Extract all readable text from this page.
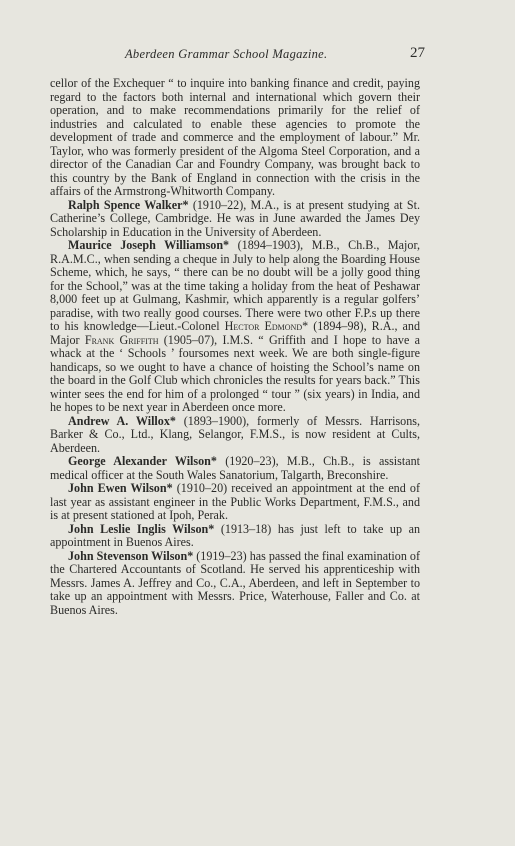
Aberdeen Grammar School Magazine.	27

cellor of the Exchequer “ to inquire into banking finance and credit, paying regard to the factors both internal and international which govern their operation, and to make recommendations primarily for the relief of industries and calculated to enable these agencies to promote the development of trade and commerce and the employment of labour.” Mr. Taylor, who was formerly president of the Algoma Steel Corporation, and a director of the Canadian Car and Foundry Company, was brought back to this country by the Bank of England in connection with the crisis in the affairs of the Armstrong-Whitworth Company.

Ralph Spence Walker* (1910–22), M.A., is at present studying at St. Catherine’s College, Cambridge. He was in June awarded the James Dey Scholarship in Education in the University of Aberdeen.

Maurice Joseph Williamson* (1894–1903), M.B., Ch.B., Major, R.A.M.C., when sending a cheque in July to help along the Boarding House Scheme, which, he says, “ there can be no doubt will be a jolly good thing for the School,” was at the time taking a holiday from the heat of Peshawar 8,000 feet up at Gulmang, Kashmir, which apparently is a regular golfers’ paradise, with two really good courses. There were two other F.P.s up there to his knowledge—Lieut.-Colonel Hector Edmond* (1894–98), R.A., and Major Frank Griffith (1905–07), I.M.S. “ Griffith and I hope to have a whack at the ‘ Schools ’ foursomes next week. We are both single-figure handicaps, so we ought to have a chance of hoisting the School’s name on the board in the Golf Club which chronicles the results for years back.” This winter sees the end for him of a prolonged “ tour ” (six years) in India, and he hopes to be next year in Aberdeen once more.

Andrew A. Willox* (1893–1900), formerly of Messrs. Harrisons, Barker & Co., Ltd., Klang, Selangor, F.M.S., is now resident at Cults, Aberdeen.

George Alexander Wilson* (1920–23), M.B., Ch.B., is assistant medical officer at the South Wales Sanatorium, Talgarth, Breconshire.

John Ewen Wilson* (1910–20) received an appointment at the end of last year as assistant engineer in the Public Works Department, F.M.S., and is at present stationed at Ipoh, Perak.

John Leslie Inglis Wilson* (1913–18) has just left to take up an appointment in Buenos Aires.

John Stevenson Wilson* (1919–23) has passed the final examination of the Chartered Accountants of Scotland. He served his apprenticeship with Messrs. James A. Jeffrey and Co., C.A., Aberdeen, and left in September to take up an appointment with Messrs. Price, Waterhouse, Faller and Co. at Buenos Aires.
